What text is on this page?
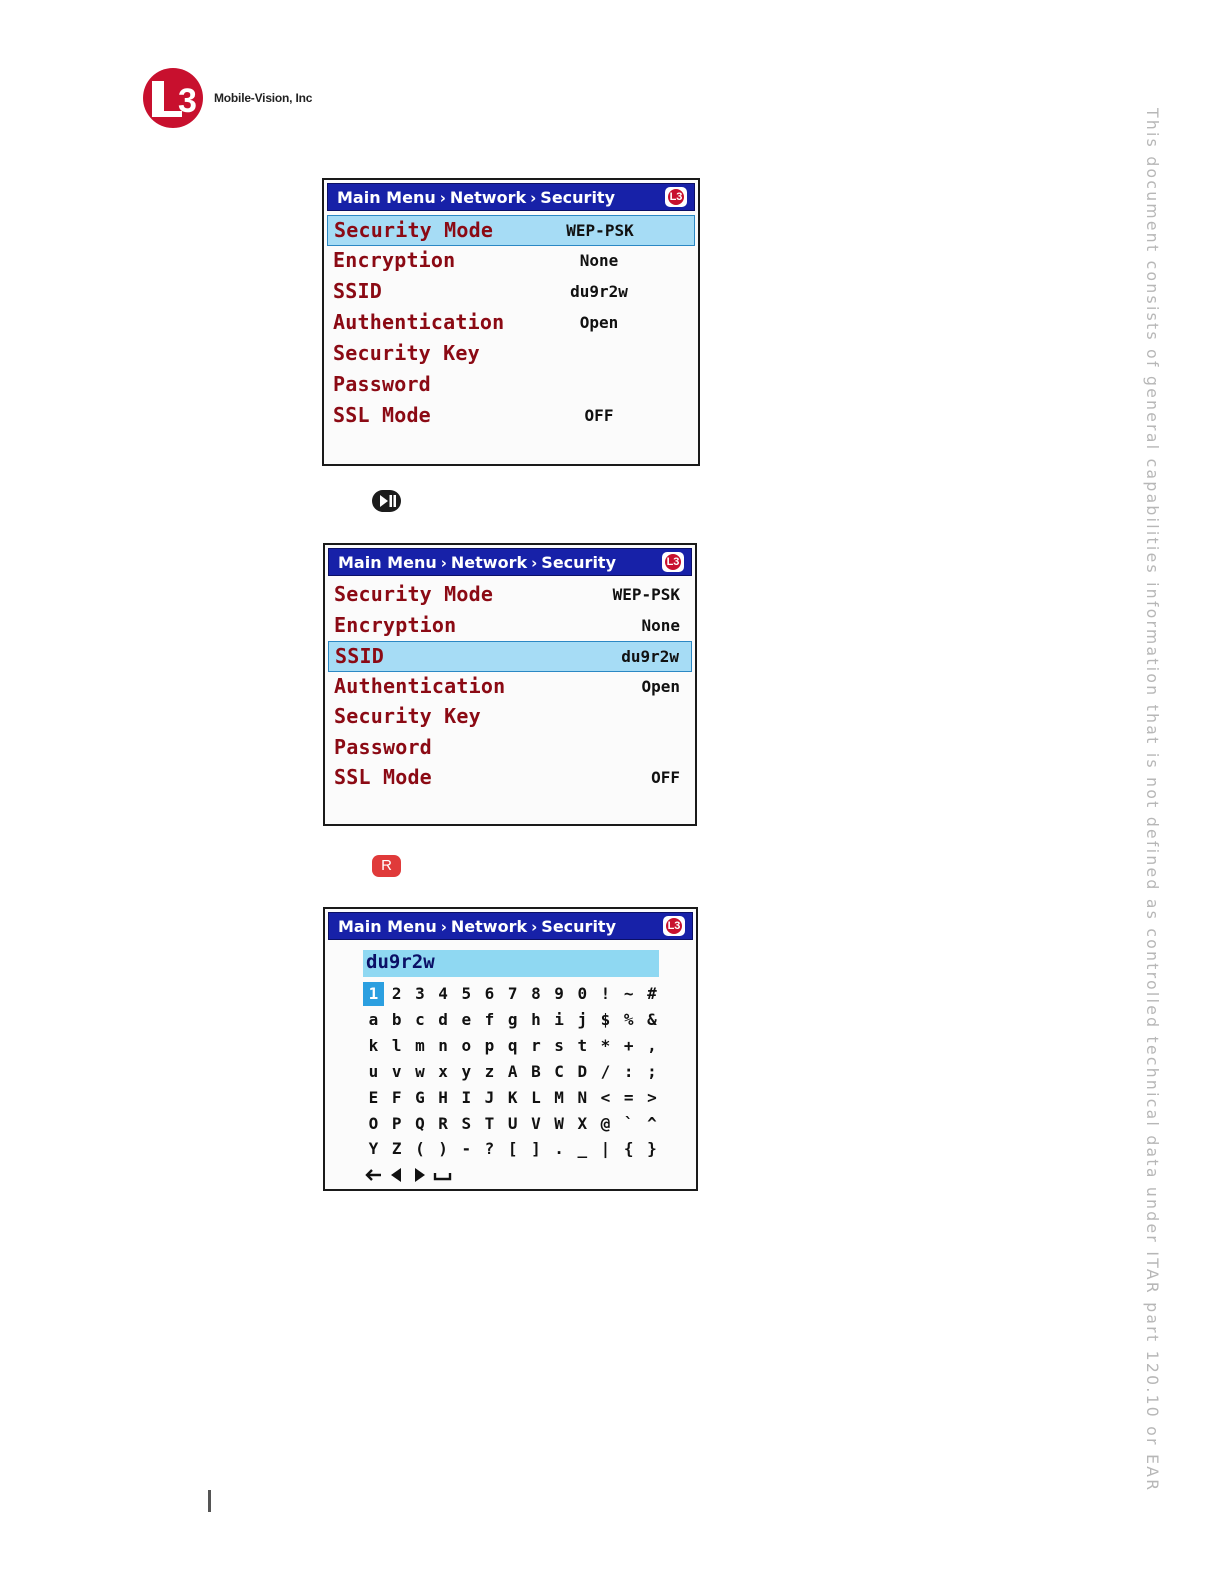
3 Mobile-Vision, Inc
This document consists of general capabilities information that is not defined as controlled technical data under ITAR part 120.10 or EAR
Main Menu › Network › Security	L3
Security Mode	WEP-PSK
Encryption	None
SSID	du9r2w
Authentication	Open
Security Key
Password
SSL Mode	OFF
Main Menu › Network › Security	L3
Security Mode	WEP-PSK
Encryption	None
SSID	du9r2w
Authentication	Open
Security Key
Password
SSL Mode	OFF
R
Main Menu › Network › Security	L3
du9r2w
1 2 3 4 5 6 7 8 9 0 ! ~ #
a b c d e f g h i j $ % &
k l m n o p q r s t * + ,
u v w x y z A B C D / : ;
E F G H I J K L M N < = >
O P Q R S T U V W X @ ` ^
Y Z ( ) - ? [ ] . _ | { }
